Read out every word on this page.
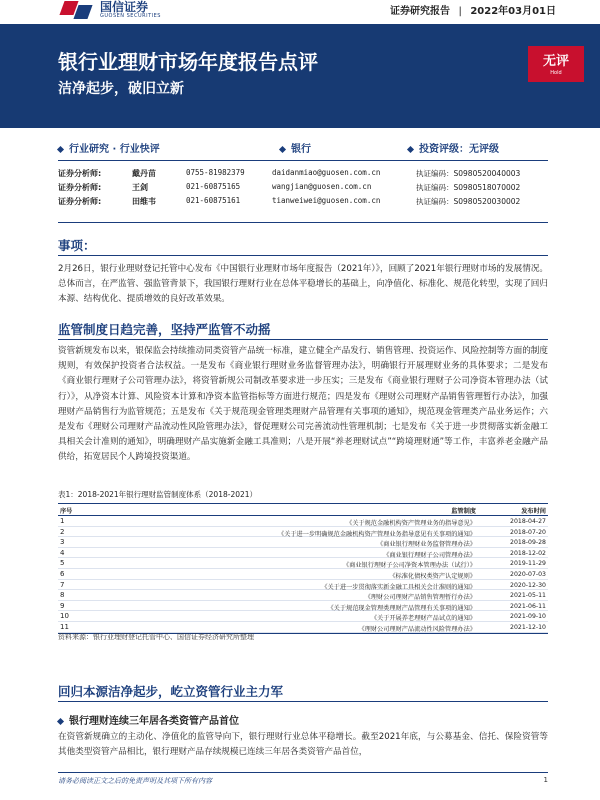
国信证券
GUOSEN SECURITIES	证券研究报告 | 2022年03月01日
银行业理财市场年度报告点评
洁净起步，破旧立新
无评
Hold
行业研究 · 行业快评	银行	投资评级：无评级
证券分析师:	戴丹苗	0755-81982379	daidanmiao@guosen.com.cn	执证编码：S0980520040003
证券分析师:	王剑	021-60875165	wangjian@guosen.com.cn	执证编码：S0980518070002
证券分析师:	田维韦	021-60875161	tianweiwei@guosen.com.cn	执证编码：S0980520030002
事项：
2月26日，银行业理财登记托管中心发布《中国银行业理财市场年度报告（2021年）》，回顾了2021年银行理财市场的发展情况。总体而言，在严监管、强监管背景下，我国银行理财行业在总体平稳增长的基础上，向净值化、标准化、规范化转型，实现了回归本源、结构优化、提质增效的良好改革效果。
监管制度日趋完善，坚持严监管不动摇
资管新规发布以来，银保监会持续推动同类资管产品统一标准，建立健全产品发行、销售管理、投资运作、风险控制等方面的制度规则，有效保护投资者合法权益。一是发布《商业银行理财业务监督管理办法》，明确银行开展理财业务的具体要求；二是发布《商业银行理财子公司管理办法》，将资管新规公司制改革要求进一步压实；三是发布《商业银行理财子公司净资本管理办法（试行）》，从净资本计算、风险资本计算和净资本监管指标等方面进行规范；四是发布《理财公司理财产品销售管理暂行办法》，加强理财产品销售行为监管规范；五是发布《关于规范现金管理类理财产品管理有关事项的通知》，规范现金管理类产品业务运作；六是发布《理财公司理财产品流动性风险管理办法》，督促理财公司完善流动性管理机制；七是发布《关于进一步贯彻落实新金融工具相关会计准则的通知》，明确理财产品实施新金融工具准则；八是开展“养老理财试点”“跨境理财通”等工作，丰富养老金融产品供给，拓宽居民个人跨境投资渠道。
表1：2018-2021年银行理财监管制度体系（2018-2021）
序号	监管制度	发布时间
1	《关于规范金融机构资产管理业务的指导意见》	2018-04-27
2	《关于进一步明确规范金融机构资产管理业务指导意见有关事项的通知》	2018-07-20
3	《商业银行理财业务监督管理办法》	2018-09-28
4	《商业银行理财子公司管理办法》	2018-12-02
5	《商业银行理财子公司净资本管理办法（试行）》	2019-11-29
6	《标准化债权类资产认定规则》	2020-07-03
7	《关于进一步贯彻落实新金融工具相关会计准则的通知》	2020-12-30
8	《理财公司理财产品销售管理暂行办法》	2021-05-11
9	《关于规范现金管理类理财产品管理有关事项的通知》	2021-06-11
10	《关于开展养老理财产品试点的通知》	2021-09-10
11	《理财公司理财产品流动性风险管理办法》	2021-12-10
资料来源：银行业理财登记托管中心、国信证券经济研究所整理
回归本源洁净起步，屹立资管行业主力军
银行理财连续三年居各类资管产品首位
在资管新规确立的主动化、净值化的监管导向下，银行理财行业总体平稳增长。截至2021年底，与公募基金、信托、保险资管等其他类型资管产品相比，银行理财产品存续规模已连续三年居各类资管产品首位，
请务必阅读正文之后的免责声明及其项下所有内容	1
